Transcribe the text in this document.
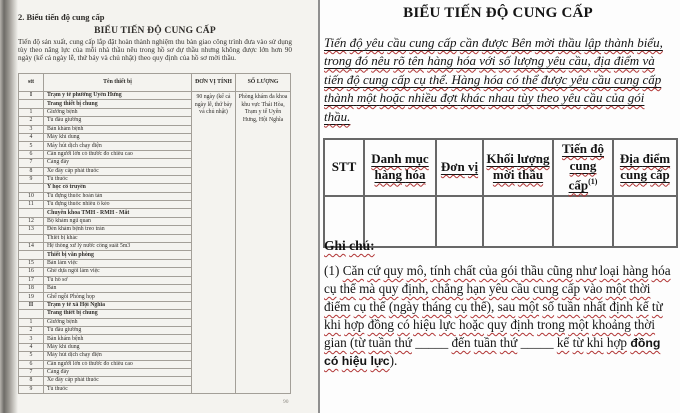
2. Biểu tiến độ cung cấp
BIỂU TIẾN ĐỘ CUNG CẤP
Tiến độ sản xuất, cung cấp lắp đặt hoàn thành nghiệm thu bàn giao công trình đưa vào sử dụng tùy theo năng lực của mỗi nhà thầu nêu trong hồ sơ dự thầu nhưng không được lớn hơn 90 ngày (kể cả ngày lễ, thứ bảy và chủ nhật) theo quy định của hồ sơ mời thầu.
stt	Tên thiết bị	ĐƠN VỊ TÍNH	SỐ LƯỢNG
I	Trạm y tế phường Uyên Hưng	90 ngày (kể cả ngày lễ, thứ bảy và chủ nhật)	Phòng khám đa khoa khu vực Thái Hòa, Trạm y tế Uyên Hưng, Hội Nghĩa
	Trang thiết bị chung		
1	Giường bệnh		
2	Tủ đầu giường		
3	Bàn khám bệnh		
4	Máy khí dung		
5	Máy hút dịch chạy điện		
6	Cân người lớn có thước đo chiều cao		
7	Cáng đẩy		
8	Xe đẩy cấp phát thuốc		
9	Tủ thuốc		
	Y học cổ truyền		
10	Tủ đựng thuốc hoàn tán		
11	Tủ đựng thuốc nhiều ô kéo		
	Chuyên khoa TMH - RMH - Mắt		
12	Bộ khám ngũ quan		
13	Đèn khám bệnh treo trán		
	Thiết bị khác		
14	Hệ thống xử lý nước công suất 5m3		
	Thiết bị văn phòng		
15	Bàn làm việc		
16	Ghế dựa ngồi làm việc		
17	Tủ hồ sơ		
18	Bàn		
19	Ghế ngồi Phòng họp		
II	Trạm y tế xã Hội Nghĩa		
	Trang thiết bị chung		
1	Giường bệnh		
2	Tủ đầu giường		
3	Bàn khám bệnh		
4	Máy khí dung		
5	Máy hút dịch chạy điện		
6	Cân người lớn có thước đo chiều cao		
7	Cáng đẩy		
8	Xe đẩy cấp phát thuốc		
9	Tủ thuốc		
90
BIỂU TIẾN ĐỘ CUNG CẤP
Tiến độ yêu cầu cung cấp cần được Bên mời thầu lập thành biểu, trong đó nêu rõ tên hàng hóa với số lượng yêu cầu, địa điểm và tiến độ cung cấp cụ thể. Hàng hóa có thể được yêu cầu cung cấp thành một hoặc nhiều đợt khác nhau tùy theo yêu cầu của gói thầu.
STT	Danh mục hàng hóa	Đơn vị	Khối lượng mời thầu	Tiến độ cung cấp$^{(1)}$	Địa điểm cung cấp

Ghi chú:
(1) Căn cứ quy mô, tính chất của gói thầu cũng như loại hàng hóa cụ thể mà quy định, chẳng hạn yêu cầu cung cấp vào một thời điểm cụ thể (ngày tháng cụ thể), sau một số tuần nhất định kể từ khi hợp đồng có hiệu lực hoặc quy định trong một khoảng thời gian (từ tuần thứ _____ đến tuần thứ _____ kể từ khi hợp đồng có hiệu lực).
